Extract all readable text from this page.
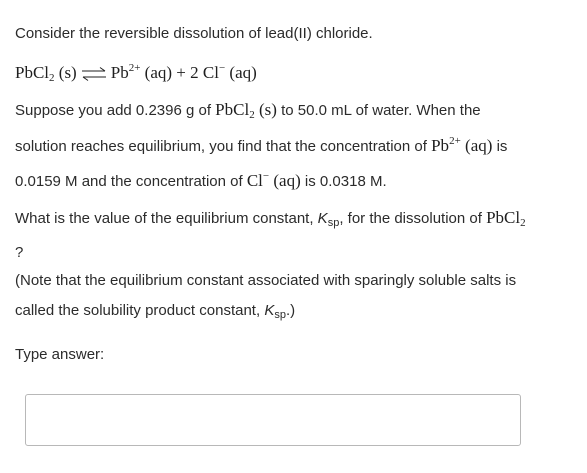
Consider the reversible dissolution of lead(II) chloride.
PbCl$_2$ (s) ⇌ $Pb^{2+}$ (aq) + 2 Cl− (aq)
Suppose you add 0.2396 g of PbCl$_2$ (s) to 50.0 mL of water. When the
solution reaches equilibrium, you find that the concentration of $Pb^{2+}$ (aq) is
0.0159 M and the concentration of Cl− (aq) is 0.0318 M.
What is the value of the equilibrium constant, $K_{sp}$, for the dissolution of PbCl$_2$
?
(Note that the equilibrium constant associated with sparingly soluble salts is
called the solubility product constant, $K_{sp}$.)
Type answer:
